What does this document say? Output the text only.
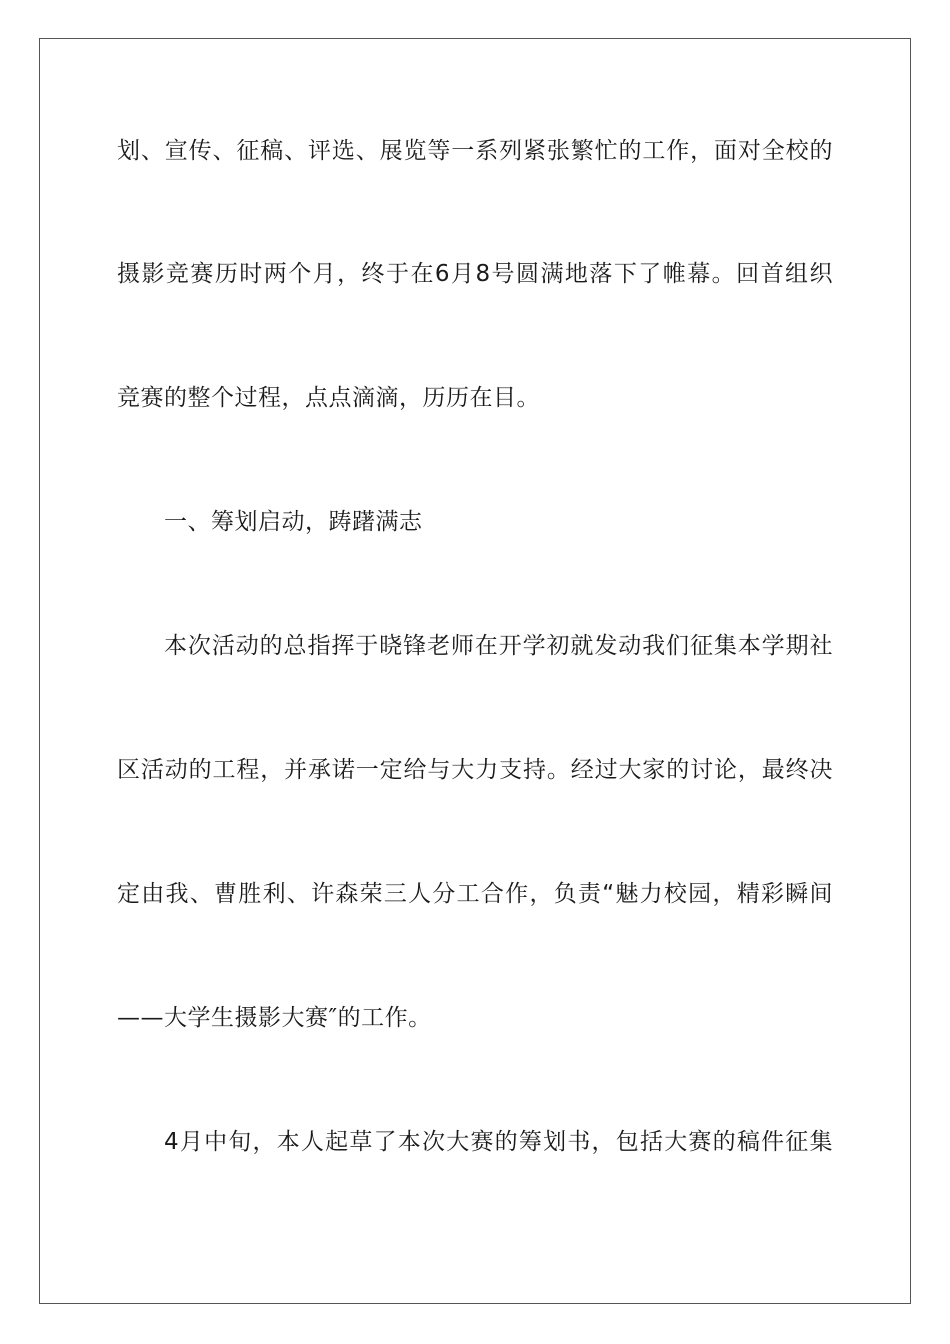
划、宣传、征稿、评选、展览等一系列紧张繁忙的工作，面对全校的
摄影竞赛历时两个月，终于在6月8号圆满地落下了帷幕。回首组织
竞赛的整个过程，点点滴滴，历历在目。
一、筹划启动，踌躇满志
本次活动的总指挥于晓锋老师在开学初就发动我们征集本学期社
区活动的工程，并承诺一定给与大力支持。经过大家的讨论，最终决
定由我、曹胜利、许森荣三人分工合作，负责“魅力校园，精彩瞬间
——大学生摄影大赛″的工作。
4月中旬，本人起草了本次大赛的筹划书，包括大赛的稿件征集
